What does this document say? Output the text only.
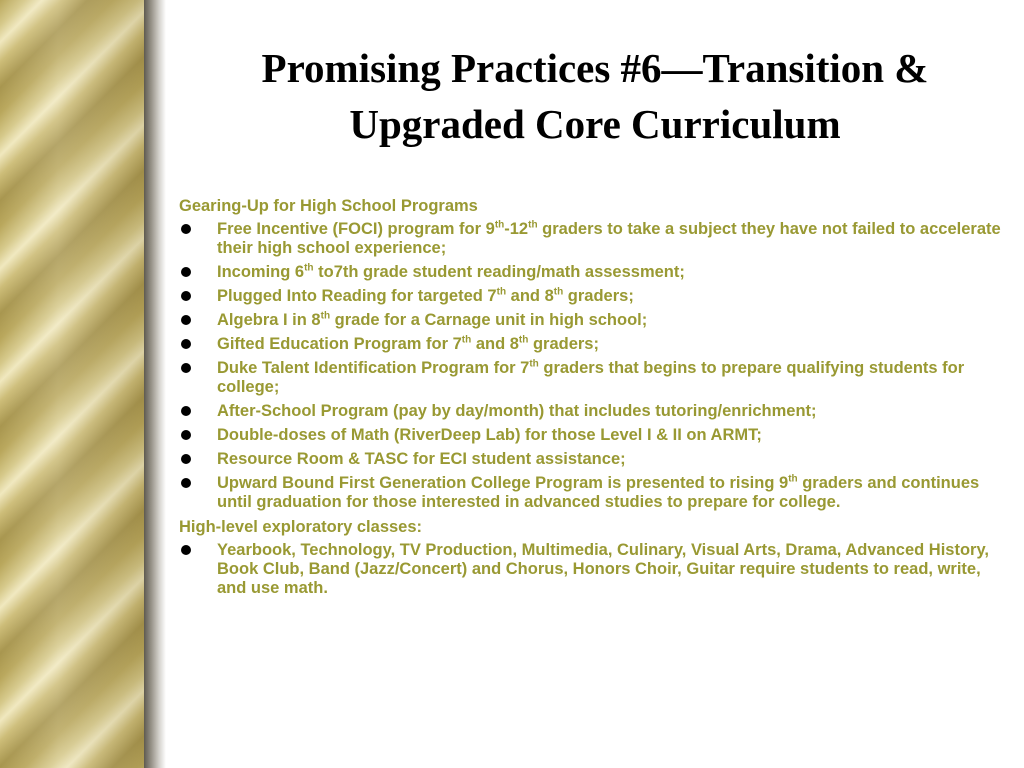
Promising Practices #6—Transition &
Upgraded Core Curriculum
Gearing-Up for High School Programs
Free Incentive (FOCI) program for 9th-12th graders to take a subject they have not failed to accelerate their high school experience;
Incoming 6th to7th grade student reading/math assessment;
Plugged Into Reading for targeted 7th and 8th graders;
Algebra I in 8th grade for a Carnage unit in high school;
Gifted Education Program for 7th and 8th graders;
Duke Talent Identification Program for 7th graders that begins to prepare qualifying students for college;
After-School Program (pay by day/month) that includes tutoring/enrichment;
Double-doses of Math (RiverDeep Lab) for those Level I & II on ARMT;
Resource Room & TASC for ECI student assistance;
Upward Bound First Generation College Program is presented to rising 9th graders and continues until graduation for those interested in advanced studies to prepare for college.
High-level exploratory classes:
Yearbook, Technology, TV Production, Multimedia, Culinary, Visual Arts, Drama, Advanced History, Book Club, Band (Jazz/Concert) and Chorus, Honors Choir, Guitar require students to read, write, and use math.
